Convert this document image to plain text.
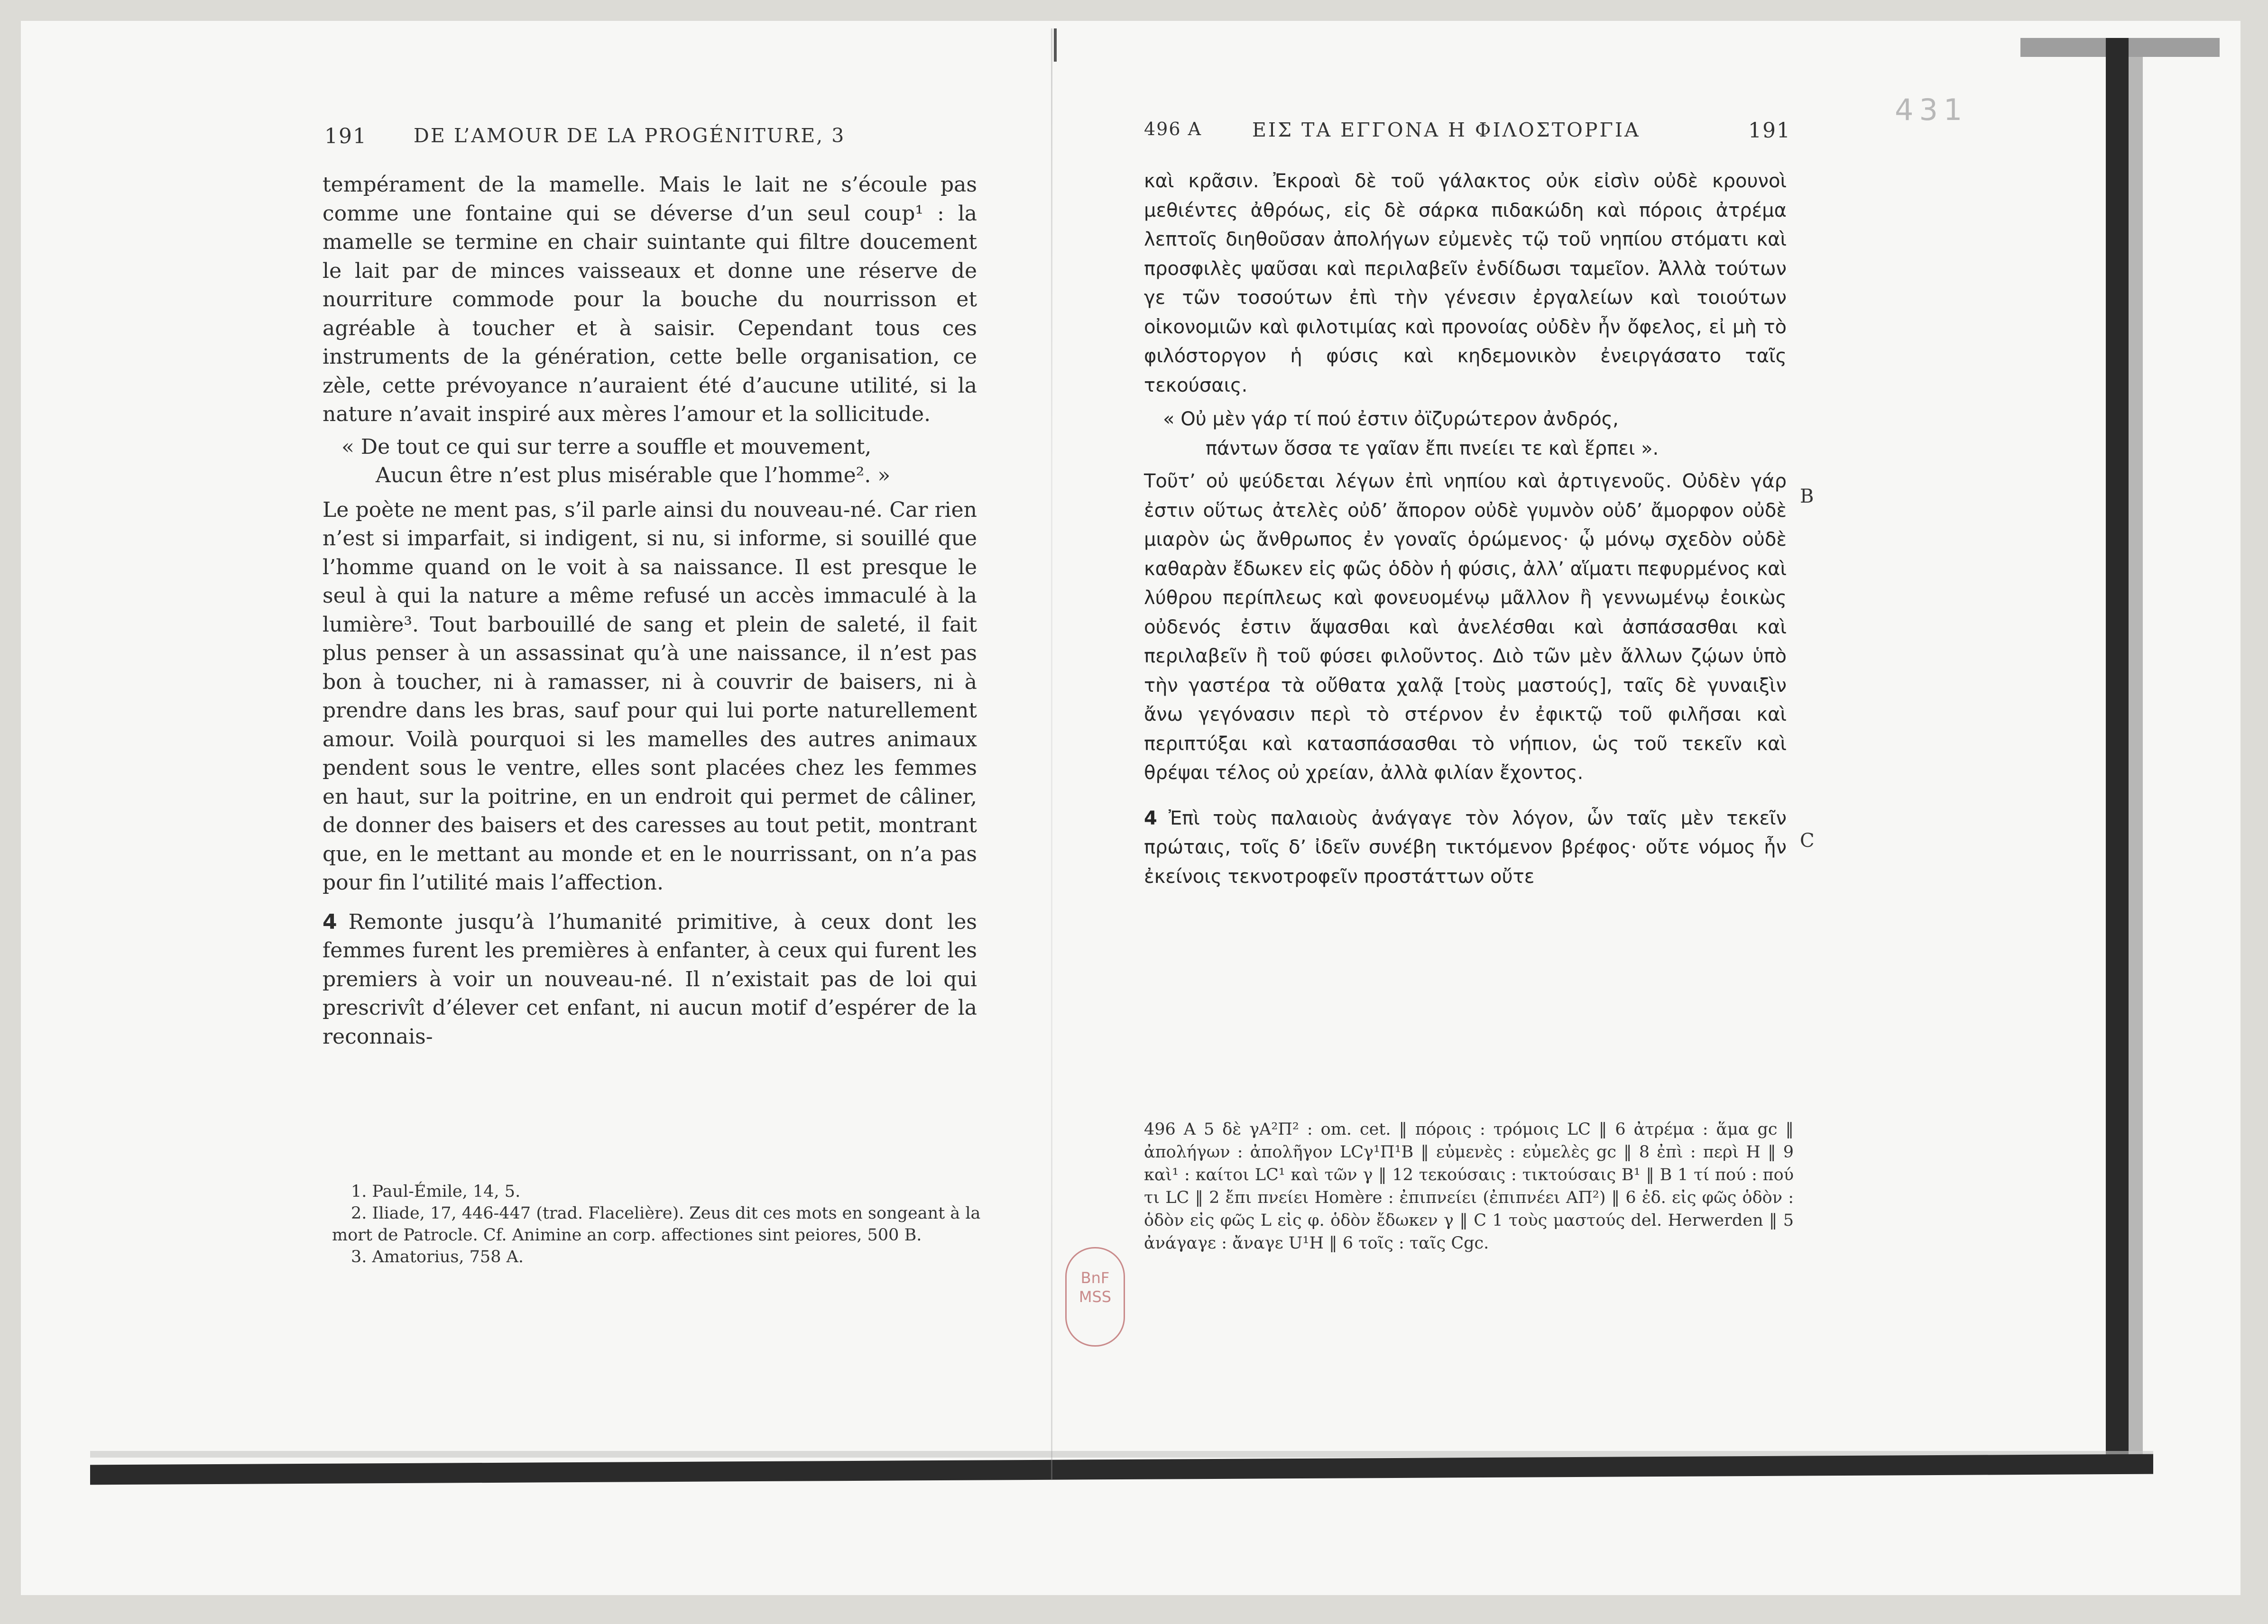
431
191 DE L’AMOUR DE LA PROGÉNITURE, 3

tempérament de la mamelle. Mais le lait ne s’écoule pas comme une fontaine qui se déverse d’un seul coup¹ : la mamelle se termine en chair suintante qui filtre doucement le lait par de minces vaisseaux et donne une réserve de nourriture commode pour la bouche du nourrisson et agréable à toucher et à saisir. Cependant tous ces instruments de la génération, cette belle organisation, ce zèle, cette prévoyance n’auraient été d’aucune utilité, si la nature n’avait inspiré aux mères l’amour et la sollicitude.

« De tout ce qui sur terre a souffle et mouvement,
Aucun être n’est plus misérable que l’homme². »

Le poète ne ment pas, s’il parle ainsi du nouveau-né. Car rien n’est si imparfait, si indigent, si nu, si informe, si souillé que l’homme quand on le voit à sa naissance. Il est presque le seul à qui la nature a même refusé un accès immaculé à la lumière³. Tout barbouillé de sang et plein de saleté, il fait plus penser à un assassinat qu’à une naissance, il n’est pas bon à toucher, ni à ramasser, ni à couvrir de baisers, ni à prendre dans les bras, sauf pour qui lui porte naturellement amour. Voilà pourquoi si les mamelles des autres animaux pendent sous le ventre, elles sont placées chez les femmes en haut, sur la poitrine, en un endroit qui permet de câliner, de donner des baisers et des caresses au tout petit, montrant que, en le mettant au monde et en le nourrissant, on n’a pas pour fin l’utilité mais l’affection.

4 Remonte jusqu’à l’humanité primitive, à ceux dont les femmes furent les premières à enfanter, à ceux qui furent les premiers à voir un nouveau-né. Il n’existait pas de loi qui prescrivît d’élever cet enfant, ni aucun motif d’espérer de la reconnais-

1. Paul-Émile, 14, 5.
2. Iliade, 17, 446-447 (trad. Flacelière). Zeus dit ces mots en songeant à la mort de Patrocle. Cf. Animine an corp. affectiones sint peiores, 500 B.
3. Amatorius, 758 A.
496 A	ΕΙΣ ΤΑ ΕΓΓΟΝΑ Η ΦΙΛΟΣΤΟΡΓΙΑ	191

καὶ κρᾶσιν. Ἐκροαὶ δὲ τοῦ γάλακτος οὐκ εἰσὶν οὐδὲ κρουνοὶ μεθιέντες ἀθρόως, εἰς δὲ σάρκα πιδακώδη καὶ πόροις ἀτρέμα λεπτοῖς διηθοῦσαν ἀπολήγων εὐμενὲς τῷ τοῦ νηπίου στόματι καὶ προσφιλὲς ψαῦσαι καὶ περιλαβεῖν ἐνδίδωσι ταμεῖον. Ἀλλὰ τούτων γε τῶν τοσούτων ἐπὶ τὴν γένεσιν ἐργαλείων καὶ τοιούτων οἰκονομιῶν καὶ φιλοτιμίας καὶ προνοίας οὐδὲν ἦν ὄφελος, εἰ μὴ τὸ φιλόστοργον ἡ φύσις καὶ κηδεμονικὸν ἐνειργάσατο ταῖς τεκούσαις.

« Οὐ μὲν γάρ τί πού ἐστιν ὀϊζυρώτερον ἀνδρός,
πάντων ὅσσα τε γαῖαν ἔπι πνείει τε καὶ ἕρπει ».

Τοῦτ’ οὐ ψεύδεται λέγων ἐπὶ νηπίου καὶ ἀρτιγενοῦς. Οὐδὲν γάρ ἐστιν οὕτως ἀτελὲς οὐδ’ ἄπορον οὐδὲ γυμνὸν οὐδ’ ἄμορφον οὐδὲ μιαρὸν ὡς ἄνθρωπος ἐν γοναῖς ὁρώμενος· ᾧ μόνῳ σχεδὸν οὐδὲ καθαρὰν ἔδωκεν εἰς φῶς ὁδὸν ἡ φύσις, ἀλλ’ αἵματι πεφυρμένος καὶ λύθρου περίπλεως καὶ φονευομένῳ μᾶλλον ἢ γεννωμένῳ ἐοικὼς οὐδενός ἐστιν ἅψασθαι καὶ ἀνελέσθαι καὶ ἀσπάσασθαι καὶ περιλαβεῖν ἢ τοῦ φύσει φιλοῦντος. Διὸ τῶν μὲν ἄλλων ζῴων ὑπὸ τὴν γαστέρα τὰ οὔθατα χαλᾷ [τοὺς μαστούς], ταῖς δὲ γυναιξὶν ἄνω γεγόνασιν περὶ τὸ στέρνον ἐν ἐφικτῷ τοῦ φιλῆσαι καὶ περιπτύξαι καὶ κατασπάσασθαι τὸ νήπιον, ὡς τοῦ τεκεῖν καὶ θρέψαι τέλος οὐ χρείαν, ἀλλὰ φιλίαν ἔχοντος.

4 Ἐπὶ τοὺς παλαιοὺς ἀνάγαγε τὸν λόγον, ὧν ταῖς μὲν τεκεῖν πρώταις, τοῖς δ’ ἰδεῖν συνέβη τικτόμενον βρέφος· οὔτε νόμος ἦν ἐκείνοις τεκνοτροφεῖν προστάττων οὔτε

B
C
496 A 5 δὲ γA²Π² : om. cet. ‖ πόροις : τρόμοις LC ‖ 6 ἀτρέμα : ἅμα gc ‖ ἀπολήγων : ἀπολῆγον LCγ¹Π¹B ‖ εὐμενὲς : εὐμελὲς gc ‖ 8 ἐπὶ : περὶ H ‖ 9 καὶ¹ : καίτοι LC¹ καὶ τῶν γ ‖ 12 τεκούσαις : τικτούσαις B¹ ‖ B 1 τί πού : πού τι LC ‖ 2 ἔπι πνείει Homère : ἐπιπνείει (ἐπιπνέει AΠ²) ‖ 6 ἐδ. εἰς φῶς ὁδὸν : ὁδὸν εἰς φῶς L εἰς φ. ὁδὸν ἔδωκεν γ ‖ C 1 τοὺς μαστούς del. Herwerden ‖ 5 ἀνάγαγε : ἄναγε U¹H ‖ 6 τοῖς : ταῖς Cgc.
BnF MSS
